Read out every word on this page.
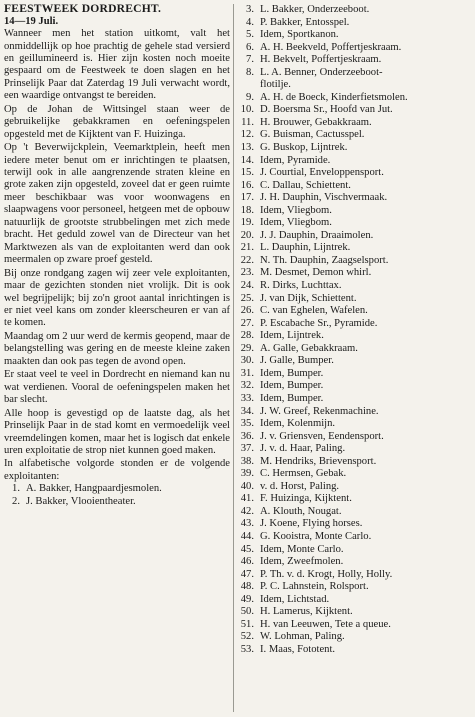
FEESTWEEK DORDRECHT.
14—19 Juli.

Wanneer men het station uitkomt, valt het onmiddellijk op hoe prachtig de gehele stad versierd en geillumineerd is. Hier zijn kosten noch moeite gespaard om de Feestweek te doen slagen en het Prinselijk Paar dat Zaterdag 19 Juli verwacht wordt, een waardige ontvangst te bereiden.

Op de Johan de Wittsingel staan weer de gebruikelijke gebakkramen en oefeningspelen opgesteld met de Kijktent van F. Huizinga.

Op 't Beverwijckplein, Veemarktplein, heeft men iedere meter benut om er inrichtingen te plaatsen, terwijl ook in alle aangrenzende straten kleine en grote zaken zijn opgesteld, zoveel dat er geen ruimte meer beschikbaar was voor woonwagens en slaapwagens voor personeel, hetgeen met de opbouw natuurlijk de grootste strubbelingen met zich mede bracht. Het geduld zowel van de Directeur van het Marktwezen als van de exploitanten werd dan ook meermalen op zware proef gesteld.

Bij onze rondgang zagen wij zeer vele exploitanten, maar de gezichten stonden niet vrolijk. Dit is ook wel begrijpelijk; bij zo'n groot aantal inrichtingen is er niet veel kans om zonder kleerscheuren er van af te komen.

Maandag om 2 uur werd de kermis geopend, maar de belangstelling was gering en de meeste kleine zaken maakten dan ook pas tegen de avond open.

Er staat veel te veel in Dordrecht en niemand kan nu wat verdienen. Vooral de oefeningspelen maken het bar slecht.

Alle hoop is gevestigd op de laatste dag, als het Prinselijk Paar in de stad komt en vermoedelijk veel vreemdelingen komen, maar het is logisch dat enkele uren exploitatie de strop niet kunnen goed maken.

In alfabetische volgorde stonden er de volgende exploitanten:

1. A. Bakker, Hangpaardjesmolen.
2. J. Bakker, Vlooientheater.
3. L. Bakker, Onderzeeboot.
4. P. Bakker, Entosspel.
5. Idem, Sportkanon.
6. A. H. Beekveld, Poffertjeskraam.
7. H. Bekvelt, Poffertjeskraam.
8. L. A. Benner, Onderzeeboot-
flotilje.
9. A. H. de Boeck, Kinderfietsmolen.
10. D. Boersma Sr., Hoofd van Jut.
11. H. Brouwer, Gebakkraam.
12. G. Buisman, Cactusspel.
13. G. Buskop, Lijntrek.
14. Idem, Pyramide.
15. J. Courtial, Enveloppensport.
16. C. Dallau, Schiettent.
17. J. H. Dauphin, Vischvermaak.
18. Idem, Vliegbom.
19. Idem, Vliegbom.
20. J. J. Dauphin, Draaimolen.
21. L. Dauphin, Lijntrek.
22. N. Th. Dauphin, Zaagselsport.
23. M. Desmet, Demon whirl.
24. R. Dirks, Luchttax.
25. J. van Dijk, Schiettent.
26. C. van Eghelen, Wafelen.
27. P. Escabache Sr., Pyramide.
28. Idem, Lijntrek.
29. A. Galle, Gebakkraam.
30. J. Galle, Bumper.
31. Idem, Bumper.
32. Idem, Bumper.
33. Idem, Bumper.
34. J. W. Greef, Rekenmachine.
35. Idem, Kolenmijn.
36. J. v. Griensven, Eendensport.
37. J. v. d. Haar, Paling.
38. M. Hendriks, Brievensport.
39. C. Hermsen, Gebak.
40. v. d. Horst, Paling.
41. F. Huizinga, Kijktent.
42. A. Klouth, Nougat.
43. J. Koene, Flying horses.
44. G. Kooistra, Monte Carlo.
45. Idem, Monte Carlo.
46. Idem, Zweefmolen.
47. P. Th. v. d. Krogt, Holly, Holly.
48. P. C. Lahnstein, Rolsport.
49. Idem, Lichtstad.
50. H. Lamerus, Kijktent.
51. H. van Leeuwen, Tete a queue.
52. W. Lohman, Paling.
53. I. Maas, Fototent.
